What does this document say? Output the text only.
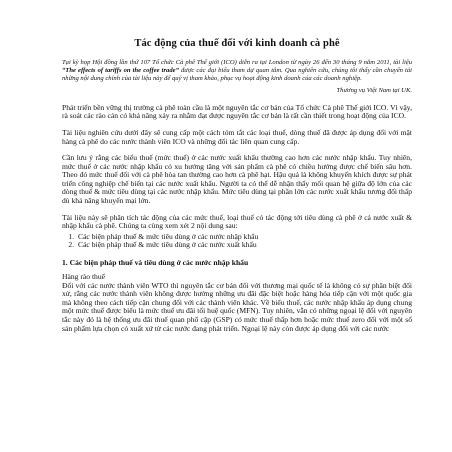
Tác động của thuế đối với kinh doanh cà phê

Tại kỳ họp Hội đồng lần thứ 107 Tổ chức Cà phê Thế giới (ICO) diễn ra tại London từ ngày 26 đến 30 tháng 9 năm 2011, tài liệu “The effects of tariffs on the coffee trade” được các đại biểu tham dự quan tâm. Qua nghiên cứu, chúng tôi thấy cần chuyển tải những nội dung chính của tài liệu này để quý vị tham khảo, phục vụ hoạt động kinh doanh của các doanh nghiệp.

Thương vụ Việt Nam tại UK.

Phát triển bền vững thị trường cà phê toàn cầu là một nguyên tắc cơ bản của Tổ chức Cà phê Thế giới ICO. Vì vậy, rà soát các rào cản có khả năng xảy ra nhằm đạt được nguyên tắc cơ bản là rất cần thiết trong hoạt động của ICO.

Tài liệu nghiên cứu dưới đây sẽ cung cấp một cách tóm tắt các loại thuế, dòng thuế đã được áp dụng đối với mặt hàng cà phê do các nước thành viên ICO và những đối tác liên quan cung cấp.

Cần lưu ý rằng các biểu thuế (mức thuế) ở các nước xuất khẩu thường cao hơn các nước nhập khẩu. Tuy nhiên, mức thuế ở các nước nhập khẩu có xu hướng tăng với sản phẩm cà phê có chiều hướng được chế biến sâu hơn. Theo đó mức thuế đối với cà phê hòa tan thường cao hơn cà phê hạt. Hậu quả là không khuyến khích được sự phát triển công nghiệp chế biến tại các nước xuất khẩu. Người ta có thể dễ nhận thấy mối quan hệ giữa độ lớn của các dòng thuế & mức tiêu dùng tại các nước nhập khẩu. Mức tiêu dùng tại phần lớn các nước xuất khẩu tương đối thấp dù khả năng khuyến mại lớn.

Tài liệu này sẽ phân tích tác động của các mức thuế, loại thuế có tác động tới tiêu dùng cà phê ở cả nước xuất & nhập khẩu cà phê. Chúng ta cùng xem xét 2 nội dung sau:

1. Các biện pháp thuế & mức tiêu dùng ở các nước nhập khẩu
2. Các biện pháp thuế & mức tiêu dùng ở các nước xuất khẩu
1. Các biện pháp thuế và tiêu dùng ở các nước nhập khẩu
Hàng rào thuế

Đối với các nước thành viên WTO thì nguyên tắc cơ bản đối với thương mại quốc tế là không có sự phân biệt đối xử, rằng các nước thành viên không được hưởng những ưu đãi đặc biệt hoặc hàng hóa tiếp cận với một quốc gia mà không theo cách tiếp cận chung đối với các thành viên khác. Về biểu thuế, các nước nhập khẩu áp dụng chung một mức thuế được biểu là mức thuế ưu đãi tối huệ quốc (MFN). Tuy nhiên, vẫn có những ngoại lệ đối với nguyên tắc này đó là hệ thống ưu đãi thuế quan phổ cập (GSP) có mức thuế thấp hơn hoặc mức thuế zero đối với một số sản phẩm lựa chọn có xuất xứ từ các nước đang phát triển. Ngoại lệ này còn được áp dụng đối với các nước
